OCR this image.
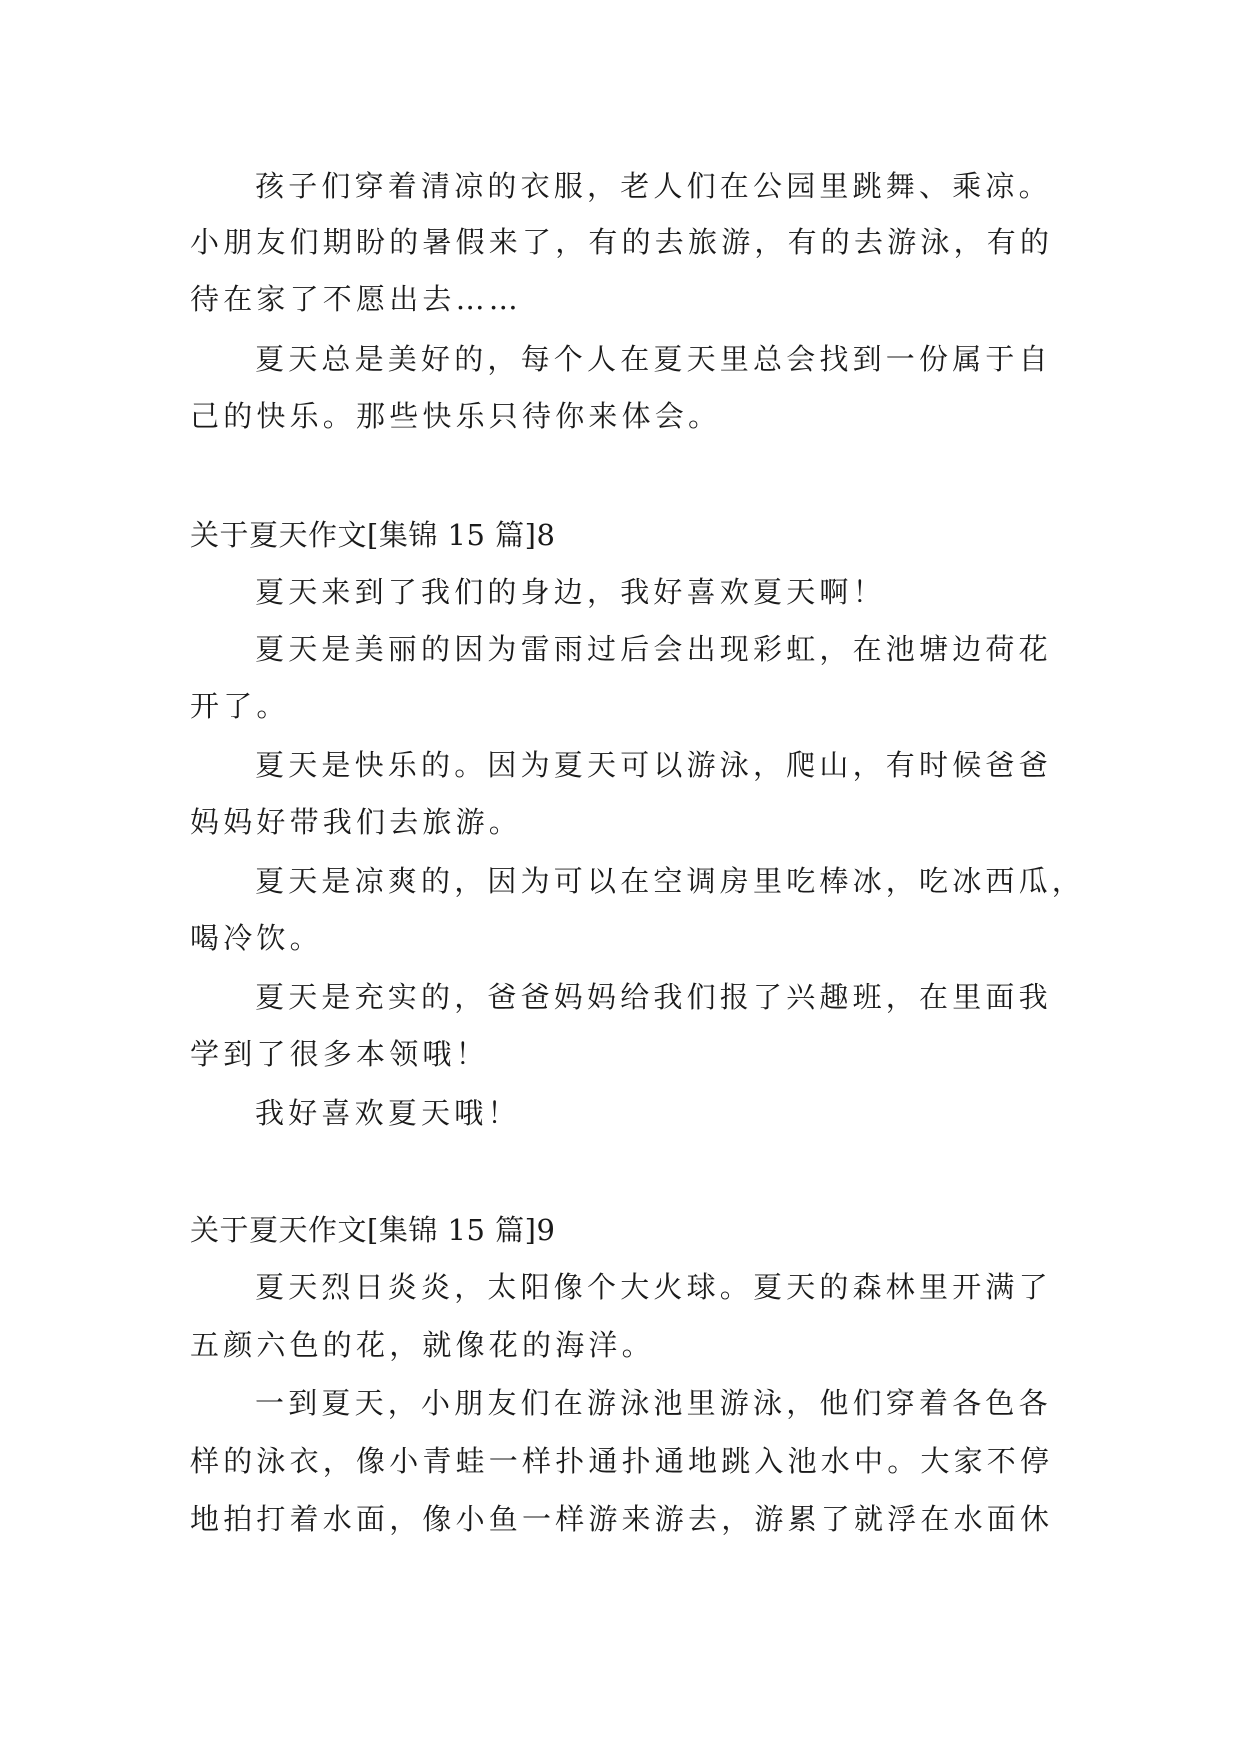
孩子们穿着清凉的衣服，老人们在公园里跳舞、乘凉。
小朋友们期盼的暑假来了，有的去旅游，有的去游泳，有的
待在家了不愿出去……
夏天总是美好的，每个人在夏天里总会找到一份属于自
己的快乐。那些快乐只待你来体会。
关于夏天作文[集锦 15 篇]8
夏天来到了我们的身边，我好喜欢夏天啊！
夏天是美丽的因为雷雨过后会出现彩虹，在池塘边荷花
开了。
夏天是快乐的。因为夏天可以游泳，爬山，有时候爸爸
妈妈好带我们去旅游。
夏天是凉爽的，因为可以在空调房里吃棒冰，吃冰西瓜，
喝冷饮。
夏天是充实的，爸爸妈妈给我们报了兴趣班，在里面我
学到了很多本领哦！
我好喜欢夏天哦！
关于夏天作文[集锦 15 篇]9
夏天烈日炎炎，太阳像个大火球。夏天的森林里开满了
五颜六色的花，就像花的海洋。
一到夏天，小朋友们在游泳池里游泳，他们穿着各色各
样的泳衣，像小青蛙一样扑通扑通地跳入池水中。大家不停
地拍打着水面，像小鱼一样游来游去，游累了就浮在水面休
